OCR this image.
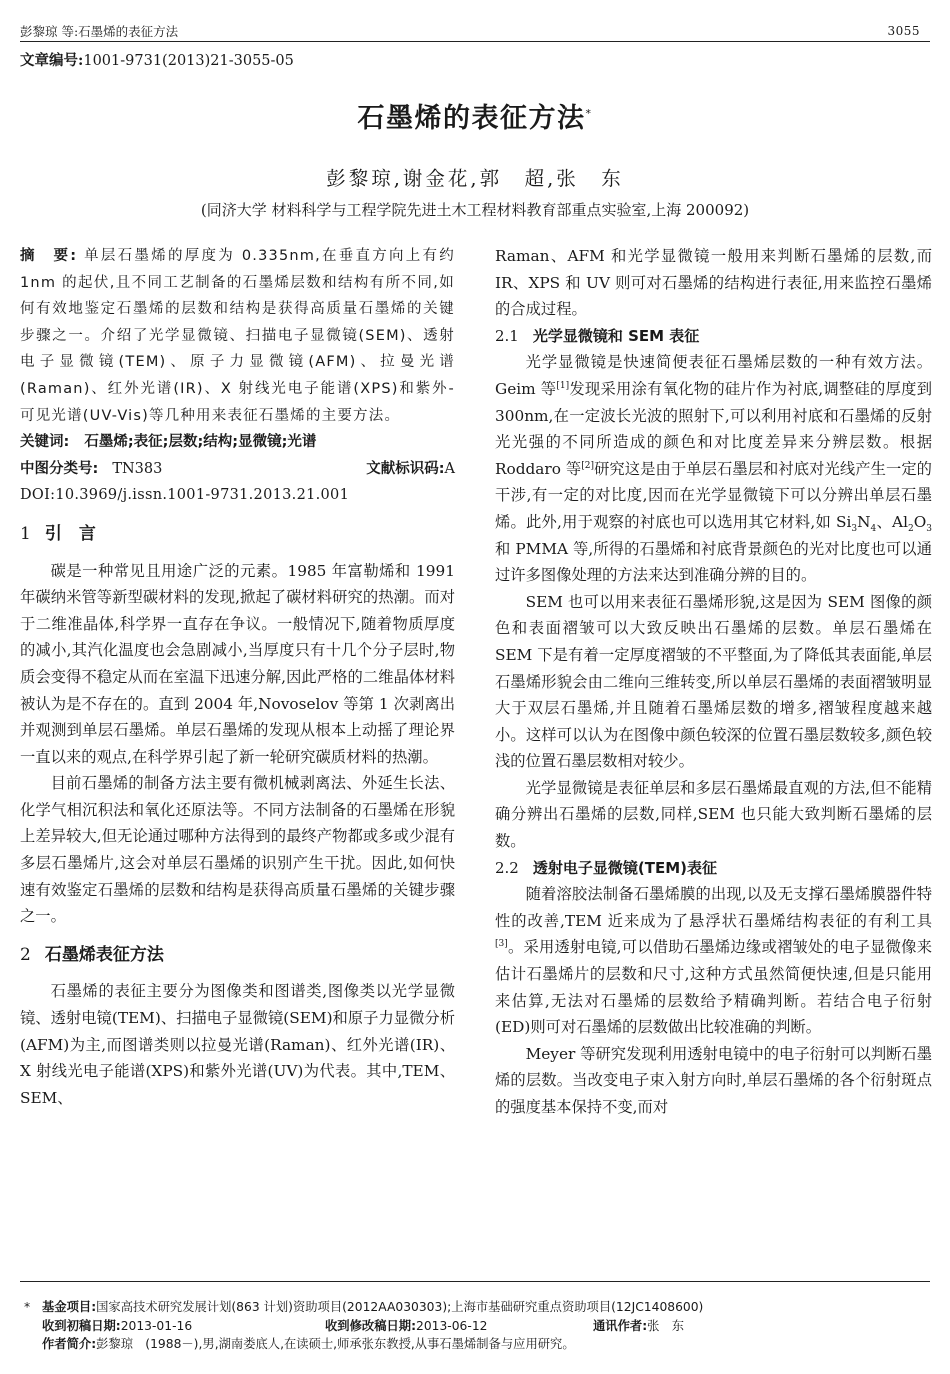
彭黎琼 等:石墨烯的表征方法	3055
文章编号:1001-9731(2013)21-3055-05
石墨烯的表征方法*
彭黎琼,谢金花,郭　超,张　东
(同济大学 材料科学与工程学院先进土木工程材料教育部重点实验室,上海 200092)

摘　要: 单层石墨烯的厚度为 0.335nm,在垂直方向上有约 1nm 的起伏,且不同工艺制备的石墨烯层数和结构有所不同,如何有效地鉴定石墨烯的层数和结构是获得高质量石墨烯的关键步骤之一。介绍了光学显微镜、扫描电子显微镜(SEM)、透射电子显微镜(TEM)、原子力显微镜(AFM)、拉曼光谱(Raman)、红外光谱(IR)、X 射线光电子能谱(XPS)和紫外-可见光谱(UV-Vis)等几种用来表征石墨烯的主要方法。

关键词: 石墨烯;表征;层数;结构;显微镜;光谱

中图分类号: TN383	文献标识码:A

DOI:10.3969/j.issn.1001-9731.2013.21.001

1 引　言

碳是一种常见且用途广泛的元素。1985 年富勒烯和 1991 年碳纳米管等新型碳材料的发现,掀起了碳材料研究的热潮。而对于二维准晶体,科学界一直存在争议。一般情况下,随着物质厚度的减小,其汽化温度也会急剧减小,当厚度只有十几个分子层时,物质会变得不稳定从而在室温下迅速分解,因此严格的二维晶体材料被认为是不存在的。直到 2004 年,Novoselov 等第 1 次剥离出并观测到单层石墨烯。单层石墨烯的发现从根本上动摇了理论界一直以来的观点,在科学界引起了新一轮研究碳质材料的热潮。

目前石墨烯的制备方法主要有微机械剥离法、外延生长法、化学气相沉积法和氧化还原法等。不同方法制备的石墨烯在形貌上差异较大,但无论通过哪种方法得到的最终产物都或多或少混有多层石墨烯片,这会对单层石墨烯的识别产生干扰。因此,如何快速有效鉴定石墨烯的层数和结构是获得高质量石墨烯的关键步骤之一。

2 石墨烯表征方法

石墨烯的表征主要分为图像类和图谱类,图像类以光学显微镜、透射电镜(TEM)、扫描电子显微镜(SEM)和原子力显微分析(AFM)为主,而图谱类则以拉曼光谱(Raman)、红外光谱(IR)、X 射线光电子能谱(XPS)和紫外光谱(UV)为代表。其中,TEM、SEM、

Raman、AFM 和光学显微镜一般用来判断石墨烯的层数,而 IR、XPS 和 UV 则可对石墨烯的结构进行表征,用来监控石墨烯的合成过程。

2.1 光学显微镜和 SEM 表征

光学显微镜是快速简便表征石墨烯层数的一种有效方法。Geim 等[1]发现采用涂有氧化物的硅片作为衬底,调整硅的厚度到 300nm,在一定波长光波的照射下,可以利用衬底和石墨烯的反射光光强的不同所造成的颜色和对比度差异来分辨层数。根据 Roddaro 等[2]研究这是由于单层石墨层和衬底对光线产生一定的干涉,有一定的对比度,因而在光学显微镜下可以分辨出单层石墨烯。此外,用于观察的衬底也可以选用其它材料,如 $Si_3N_4$、$Al_2O_3$ 和 PMMA 等,所得的石墨烯和衬底背景颜色的光对比度也可以通过许多图像处理的方法来达到准确分辨的目的。

SEM 也可以用来表征石墨烯形貌,这是因为 SEM 图像的颜色和表面褶皱可以大致反映出石墨烯的层数。单层石墨烯在 SEM 下是有着一定厚度褶皱的不平整面,为了降低其表面能,单层石墨烯形貌会由二维向三维转变,所以单层石墨烯的表面褶皱明显大于双层石墨烯,并且随着石墨烯层数的增多,褶皱程度越来越小。这样可以认为在图像中颜色较深的位置石墨层数较多,颜色较浅的位置石墨层数相对较少。

光学显微镜是表征单层和多层石墨烯最直观的方法,但不能精确分辨出石墨烯的层数,同样,SEM 也只能大致判断石墨烯的层数。

2.2 透射电子显微镜(TEM)表征

随着溶胶法制备石墨烯膜的出现,以及无支撑石墨烯膜器件特性的改善,TEM 近来成为了悬浮状石墨烯结构表征的有利工具[3]。采用透射电镜,可以借助石墨烯边缘或褶皱处的电子显微像来估计石墨烯片的层数和尺寸,这种方式虽然简便快速,但是只能用来估算,无法对石墨烯的层数给予精确判断。若结合电子衍射(ED)则可对石墨烯的层数做出比较准确的判断。

Meyer 等研究发现利用透射电镜中的电子衍射可以判断石墨烯的层数。当改变电子束入射方向时,单层石墨烯的各个衍射斑点的强度基本保持不变,而对

* 基金项目: 国家高技术研究发展计划(863 计划)资助项目(2012AA030303);上海市基础研究重点资助项目(12JC1408600)
收到初稿日期:2013-01-16	收到修改稿日期:2013-06-12	通讯作者:张　东
作者简介: 彭黎琼　(1988－),男,湖南娄底人,在读硕士,师承张东教授,从事石墨烯制备与应用研究。
